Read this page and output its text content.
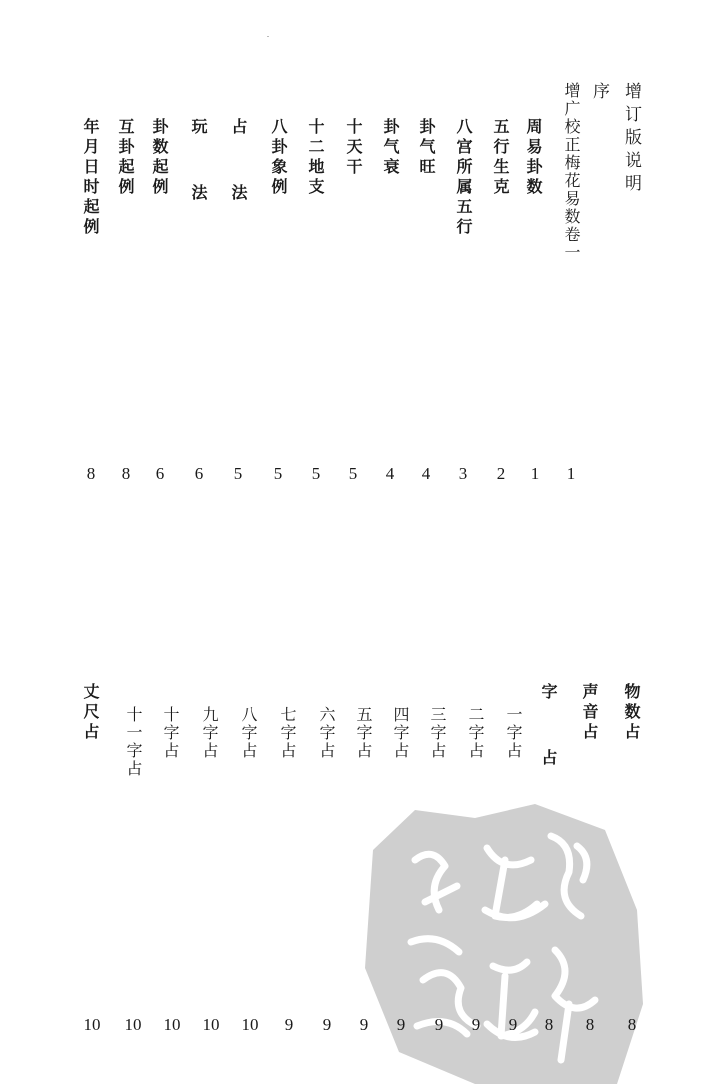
增订版说明
序
增广校正梅花易数卷一
周易卦数
五行生克
八宫所属五行
卦气旺
卦气衰
十天干
十二地支
八卦象例
占  法
玩  法
卦数起例
互卦起例
年月日时起例
1
1
2
3
4
4
5
5
5
5
6
6
8
8
物数占
声音占
字  占
一字占
二字占
三字占
四字占
五字占
六字占
七字占
八字占
九字占
十字占
十一字占
丈尺占
8
8
8
9
9
9
9
9
9
9
10
10
10
10
10
